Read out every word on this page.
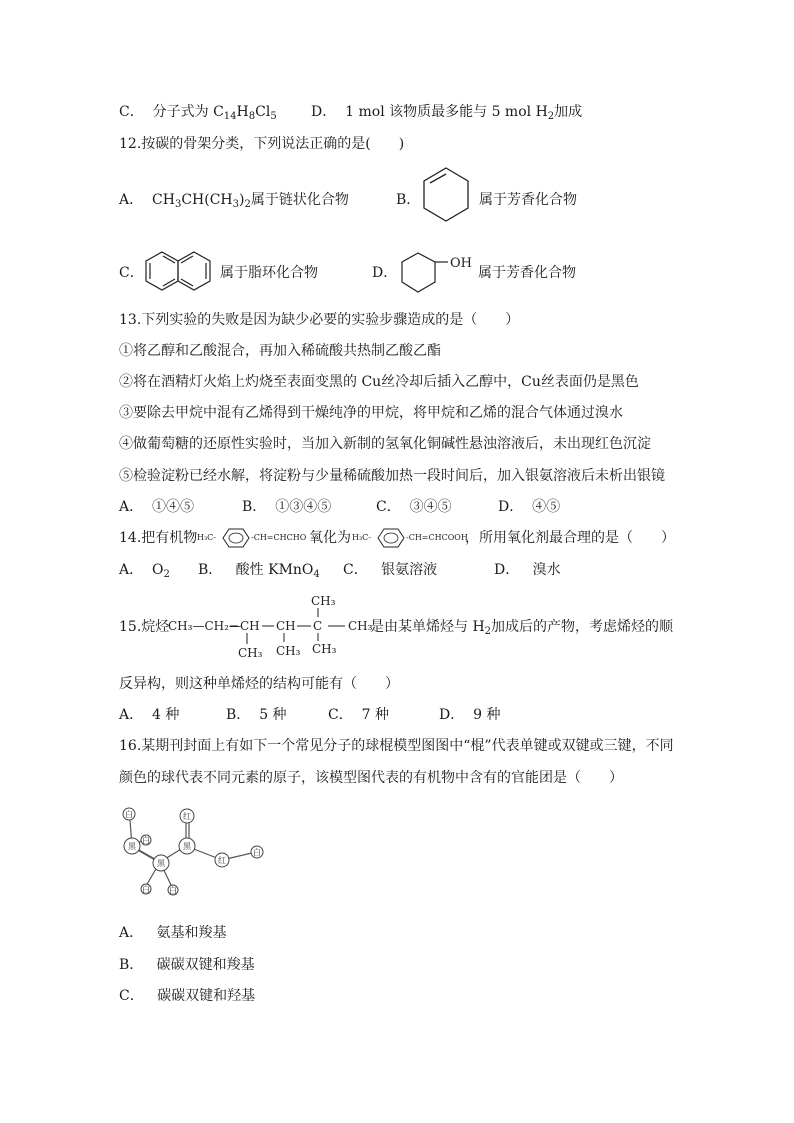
C． 分子式为 $C_{14}H_8Cl_5$ D． 1 mol 该物质最多能与 5 mol $H_2$加成
12.按碳的骨架分类，下列说法正确的是(　　)
A． $CH_3CH(CH_3)_2$属于链状化合物	B．	属于芳香化合物
C．	属于脂环化合物	D．
OH
属于芳香化合物
13.下列实验的失败是因为缺少必要的实验步骤造成的是（　　）
①将乙醇和乙酸混合，再加入稀硫酸共热制乙酸乙酯
②将在酒精灯火焰上灼烧至表面变黑的 Cu丝冷却后插入乙醇中，Cu丝表面仍是黑色
③要除去甲烷中混有乙烯得到干燥纯净的甲烷，将甲烷和乙烯的混合气体通过溴水
④做葡萄糖的还原性实验时，当加入新制的氢氧化铜碱性悬浊溶液后，未出现红色沉淀
⑤检验淀粉已经水解，将淀粉与少量稀硫酸加热一段时间后，加入银氨溶液后未析出银镜
A． ①④⑤	B． ①③④⑤	C． ③④⑤	D． ④⑤
14.把有机物 H₃C-	-CH=CHCHO 氧化为 H₃C-	-CH=CHCOOH
，所用氧化剂最合理的是（　　）
A． $O_2$ B． 酸性 KMnO$_4$ C． 银氨溶液	D． 溴水
15.烷烃
CH₃—CH₂— CH CH C CH₃
CH₃
CH₃ CH₃ CH₃
是由某单烯烃与 $H_2$加成后的产物，考虑烯烃的顺
反异构，则这种单烯烃的结构可能有（　　）
A． 4 种	B． 5 种	C． 7 种	D． 9 种
16.某期刊封面上有如下一个常见分子的球棍模型图图中“棍”代表单键或双键或三键，不同
颜色的球代表不同元素的原子，该模型图代表的有机物中含有的官能团是（　　）
白
黑
白
黑
白 白
黑
红
红
白
A． 氨基和羧基
B． 碳碳双键和羧基
C． 碳碳双键和羟基
